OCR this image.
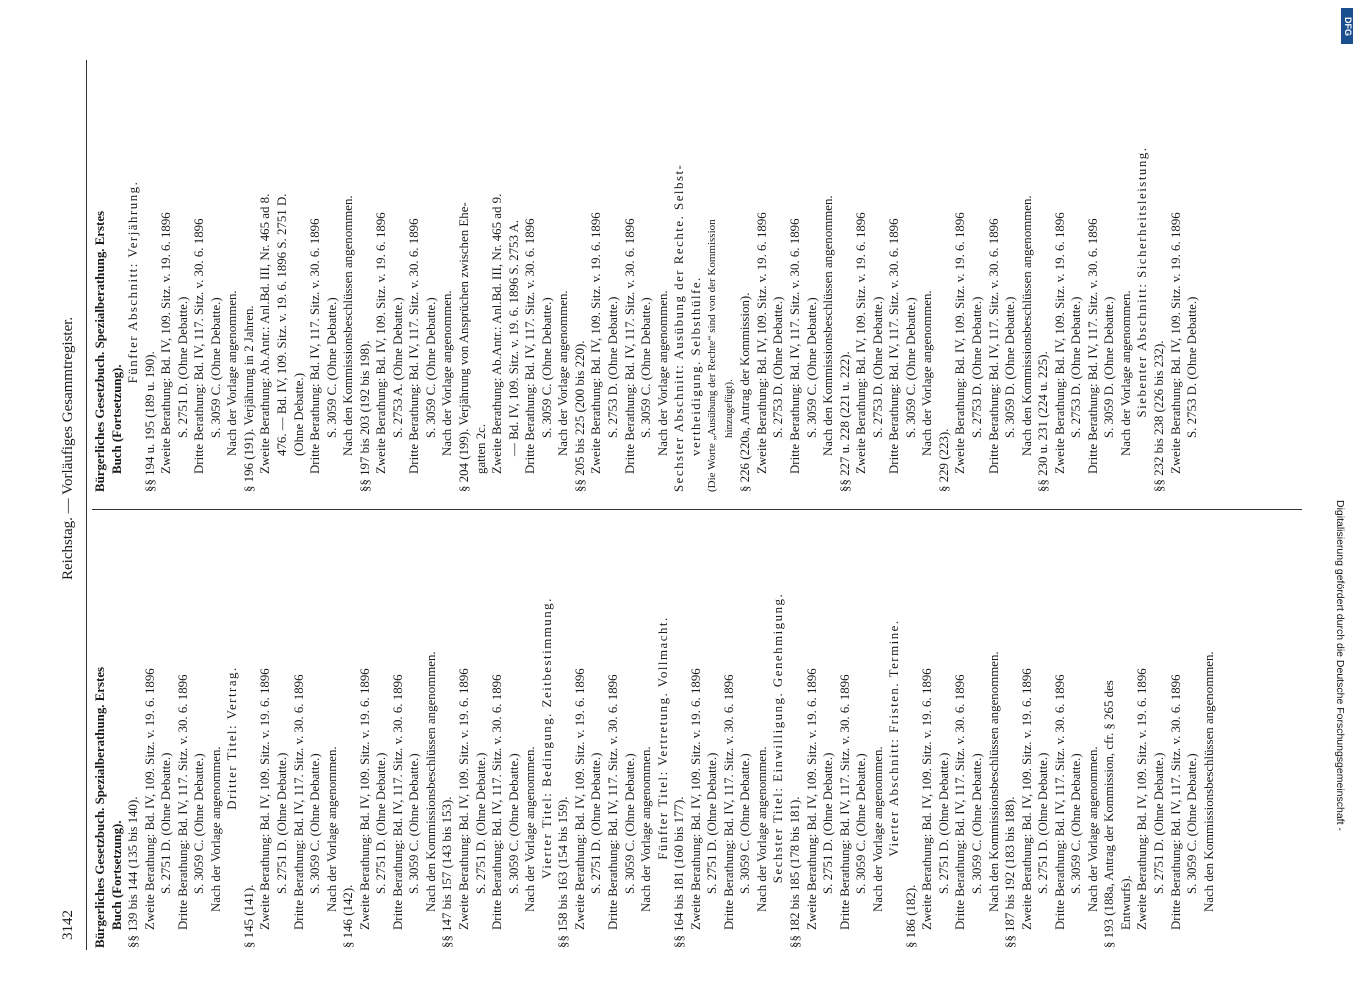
3142
Reichstag. — Vorläufiges Gesammtregister.
Bürgerliches Gesetzbuch. Spezialberathung. Erstes Buch (Fortsetzung). §§ 139 bis 144 (135 bis 140). Zweite Berathung: Bd. IV, 109. Sitz. v. 19. 6. 1896 S. 2751 D. (Ohne Debatte.) Dritte Berathung: Bd. IV, 117. Sitz. v. 30. 6. 1896 S. 3059 C. (Ohne Debatte.) Nach der Vorlage angenommen.
Dritter Titel: Vertrag.
§ 145 (141). Zweite Berathung: Bd. IV, 109. Sitz. v. 19. 6. 1896 S. 2751 D. (Ohne Debatte.) Dritte Berathung: Bd. IV, 117. Sitz. v. 30. 6. 1896 S. 3059 C. (Ohne Debatte.) Nach der Vorlage angenommen.
§ 146 (142). Zweite Berathung: Bd. IV, 109. Sitz. v. 19. 6. 1896 S. 2751 D. (Ohne Debatte.) Dritte Berathung: Bd. IV, 117. Sitz. v. 30. 6. 1896 S. 3059 C. (Ohne Debatte.) Nach den Kommissionsbeschlüssen angenommen. §§ 147 bis 157 (143 bis 153). Zweite Berathung: Bd. IV, 109. Sitz. v. 19. 6. 1896 S. 2751 D. (Ohne Debatte.) Dritte Berathung: Bd. IV, 117. Sitz. v. 30. 6. 1896 S. 3059 C. (Ohne Debatte.) Nach der Vorlage angenommen. Vierter Titel: Bedingung. Zeitbestimmung. §§ 158 bis 163 (154 bis 159). Zweite Berathung: Bd. IV, 109. Sitz. v. 19. 6. 1896 S. 2751 D. (Ohne Debatte.) Dritte Berathung: Bd. IV, 117. Sitz. v. 30. 6. 1896 S. 3059 C. (Ohne Debatte.) Nach der Vorlage angenommen. Fünfter Titel: Vertretung. Vollmacht.
§§ 164 bis 181 (160 bis 177). Zweite Berathung: Bd. IV, 109. Sitz. v. 19. 6. 1896 S. 2751 D. (Ohne Debatte.) Dritte Berathung: Bd. IV, 117. Sitz. v. 30. 6. 1896 S. 3059 C. (Ohne Debatte.) Nach der Vorlage angenommen. Sechster Titel: Einwilligung. Genehmigung. §§ 182 bis 185 (178 bis 181). Zweite Berathung: Bd. IV, 109. Sitz. v. 19. 6. 1896 S. 2751 D. (Ohne Debatte.) Dritte Berathung: Bd. IV, 117. Sitz. v. 30. 6. 1896 S. 3059 C. (Ohne Debatte.) Nach der Vorlage angenommen. Vierter Abschnitt: Fristen. Termine.
§ 186 (182). Zweite Berathung: Bd. IV, 109. Sitz. v. 19. 6. 1896 S. 2751 D. (Ohne Debatte.) Dritte Berathung: Bd. IV, 117. Sitz. v. 30. 6. 1896 S. 3059 C. (Ohne Debatte.) Nach den Kommissionsbeschlüssen angenommen. §§ 187 bis 192 (183 bis 188). Zweite Berathung: Bd. IV, 109. Sitz. v. 19. 6. 1896 S. 2751 D. (Ohne Debatte.) Dritte Berathung: Bd. IV, 117. Sitz. v. 30. 6. 1896 S. 3059 C. (Ohne Debatte.) Nach der Vorlage angenommen. § 193 (188a, Antrag der Kommission, cfr. § 265 des Entwurfs). Zweite Berathung: Bd. IV, 109. Sitz. v. 19. 6. 1896 S. 2751 D. (Ohne Debatte.) Dritte Berathung: Bd. IV, 117. Sitz. v. 30. 6. 1896 S. 3059 C. (Ohne Debatte.) Nach den Kommissionsbeschlüssen angenommen.
Bürgerliches Gesetzbuch. Spezialberathung. Erstes Buch (Fortsetzung).
Fünfter Abschnitt: Verjährung.
§§ 194 u. 195 (189 u. 190). Zweite Berathung: Bd. IV, 109. Sitz. v. 19. 6. 1896 S. 2751 D. (Ohne Debatte.) Dritte Berathung: Bd. IV, 117. Sitz. v. 30. 6. 1896 S. 3059 C. (Ohne Debatte.) Nach der Vorlage angenommen. § 196 (191). Verjährung in 2 Jahren. Zweite Berathung: Ab.Antr.: Anl.Bd. III, Nr. 465 ad 8. 476. — Bd. IV, 109. Sitz. v. 19. 6. 1896 S. 2751 D. (Ohne Debatte.) Dritte Berathung: Bd. IV, 117. Sitz. v. 30. 6. 1896 S. 3059 C. (Ohne Debatte.) Nach den Kommissionsbeschlüssen angenommen. §§ 197 bis 203 (192 bis 198). Zweite Berathung: Bd. IV, 109. Sitz. v. 19. 6. 1896 S. 2753 A. (Ohne Debatte.) Dritte Berathung: Bd. IV, 117. Sitz. v. 30. 6. 1896 S. 3059 C. (Ohne Debatte.) Nach der Vorlage angenommen. § 204 (199). Verjährung von Ansprüchen zwischen Ehe- gatten 2c. Zweite Berathung: Ab.Antr.: Anl.Bd. III, Nr. 465 ad 9. — Bd. IV, 109. Sitz. v. 19. 6. 1896 S. 2753 A. Dritte Berathung: Bd. IV, 117. Sitz. v. 30. 6. 1896 S. 3059 C. (Ohne Debatte.) Nach der Vorlage angenommen. §§ 205 bis 225 (200 bis 220). Zweite Berathung: Bd. IV, 109. Sitz. v. 19. 6. 1896 S. 2753 D. (Ohne Debatte.) Dritte Berathung: Bd. IV, 117. Sitz. v. 30. 6. 1896 S. 3059 C. (Ohne Debatte.) Nach der Vorlage angenommen. Sechster Abschnitt: Ausübung der Rechte. Selbst- vertheidigung. Selbsthülfe. (Die Worte „Ausübung der Rechte“ sind von der Kommission hinzugefügt). § 226 (220a, Antrag der Kommission). Zweite Berathung: Bd. IV, 109. Sitz. v. 19. 6. 1896 S. 2753 D. (Ohne Debatte.) Dritte Berathung: Bd. IV, 117. Sitz. v. 30. 6. 1896 S. 3059 C. (Ohne Debatte.) Nach den Kommissionsbeschlüssen angenommen. §§ 227 u. 228 (221 u. 222). Zweite Berathung: Bd. IV, 109. Sitz. v. 19. 6. 1896 S. 2753 D. (Ohne Debatte.) Dritte Berathung: Bd. IV, 117. Sitz. v. 30. 6. 1896 S. 3059 C. (Ohne Debatte.) Nach der Vorlage angenommen.
§ 229 (223). Zweite Berathung: Bd. IV, 109. Sitz. v. 19. 6. 1896 S. 2753 D. (Ohne Debatte.) Dritte Berathung: Bd. IV, 117. Sitz. v. 30. 6. 1896 S. 3059 D. (Ohne Debatte.) Nach den Kommissionsbeschlüssen angenommen. §§ 230 u. 231 (224 u. 225). Zweite Berathung: Bd. IV, 109. Sitz. v. 19. 6. 1896 S. 2753 D. (Ohne Debatte.) Dritte Berathung: Bd. IV, 117. Sitz. v. 30. 6. 1896 S. 3059 D. (Ohne Debatte.) Nach der Vorlage angenommen. Siebenter Abschnitt: Sicherheitsleistung. §§ 232 bis 238 (226 bis 232). Zweite Berathung: Bd. IV, 109. Sitz. v. 19. 6. 1896 S. 2753 D. (Ohne Debatte.)
Digitalisierung gefördert durch die Deutsche Forschungsgemeinschaft -
DFG
